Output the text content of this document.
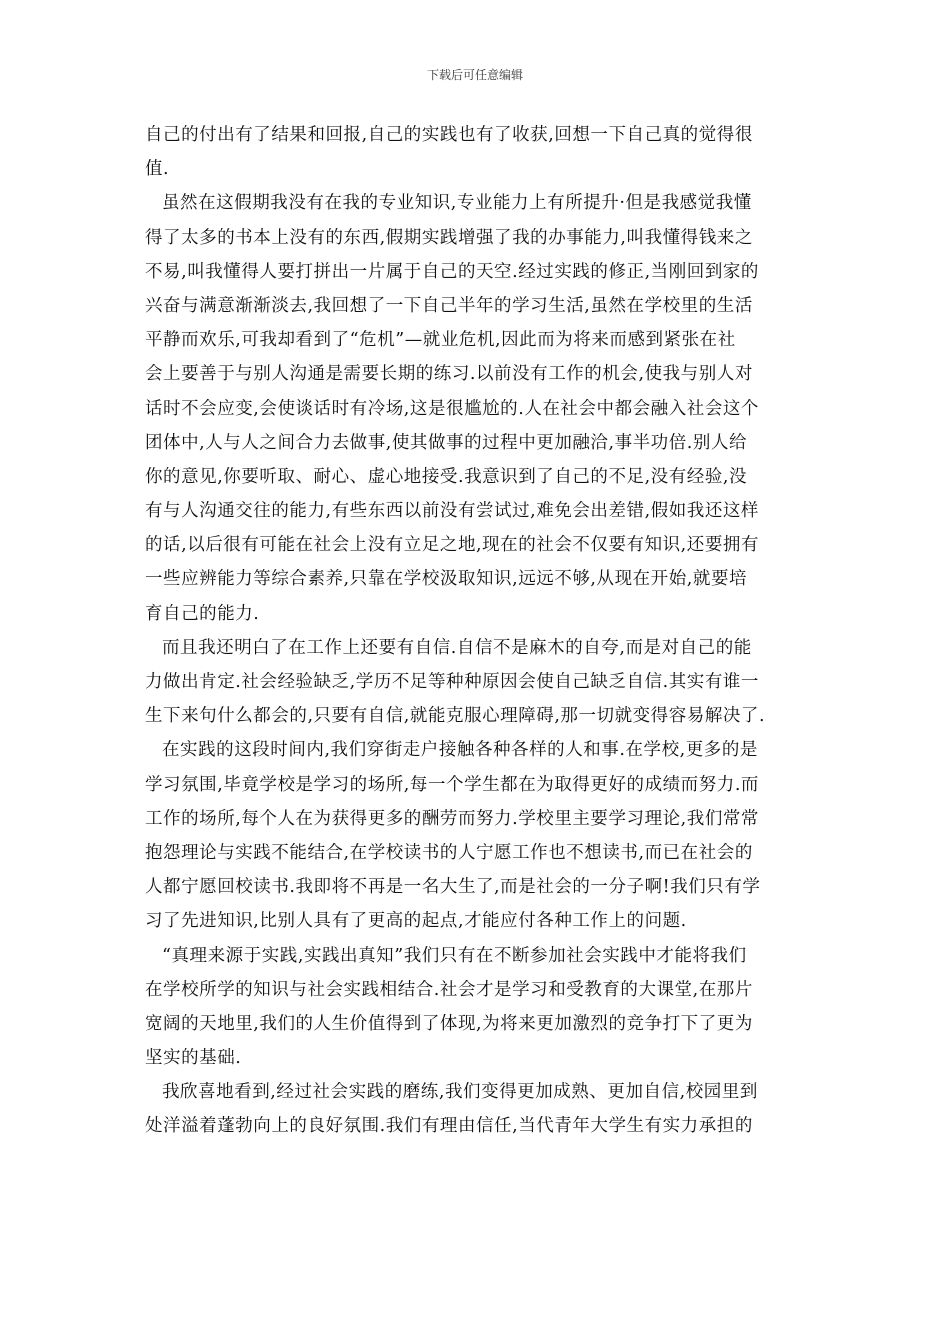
下载后可任意编辑
自己的付出有了结果和回报,自己的实践也有了收获,回想一下自己真的觉得很
值.
虽然在这假期我没有在我的专业知识,专业能力上有所提升·但是我感觉我懂
得了太多的书本上没有的东西,假期实践增强了我的办事能力,叫我懂得钱来之
不易,叫我懂得人要打拼出一片属于自己的天空.经过实践的修正,当刚回到家的
兴奋与满意渐渐淡去,我回想了一下自己半年的学习生活,虽然在学校里的生活
平静而欢乐,可我却看到了“危机”—就业危机,因此而为将来而感到紧张在社
会上要善于与别人沟通是需要长期的练习.以前没有工作的机会,使我与别人对
话时不会应变,会使谈话时有冷场,这是很尴尬的.人在社会中都会融入社会这个
团体中,人与人之间合力去做事,使其做事的过程中更加融洽,事半功倍.别人给
你的意见,你要听取、耐心、虚心地接受.我意识到了自己的不足,没有经验,没
有与人沟通交往的能力,有些东西以前没有尝试过,难免会出差错,假如我还这样
的话,以后很有可能在社会上没有立足之地,现在的社会不仅要有知识,还要拥有
一些应辨能力等综合素养,只靠在学校汲取知识,远远不够,从现在开始,就要培
育自己的能力.
而且我还明白了在工作上还要有自信.自信不是麻木的自夸,而是对自己的能
力做出肯定.社会经验缺乏,学历不足等种种原因会使自己缺乏自信.其实有谁一
生下来句什么都会的,只要有自信,就能克服心理障碍,那一切就变得容易解决了.
在实践的这段时间内,我们穿街走户接触各种各样的人和事.在学校,更多的是
学习氛围,毕竟学校是学习的场所,每一个学生都在为取得更好的成绩而努力.而
工作的场所,每个人在为获得更多的酬劳而努力.学校里主要学习理论,我们常常
抱怨理论与实践不能结合,在学校读书的人宁愿工作也不想读书,而已在社会的
人都宁愿回校读书.我即将不再是一名大生了,而是社会的一分子啊!我们只有学
习了先进知识,比别人具有了更高的起点,才能应付各种工作上的问题.
“真理来源于实践,实践出真知”我们只有在不断参加社会实践中才能将我们
在学校所学的知识与社会实践相结合.社会才是学习和受教育的大课堂,在那片
宽阔的天地里,我们的人生价值得到了体现,为将来更加激烈的竞争打下了更为
坚实的基础.
我欣喜地看到,经过社会实践的磨练,我们变得更加成熟、更加自信,校园里到
处洋溢着蓬勃向上的良好氛围.我们有理由信任,当代青年大学生有实力承担的
